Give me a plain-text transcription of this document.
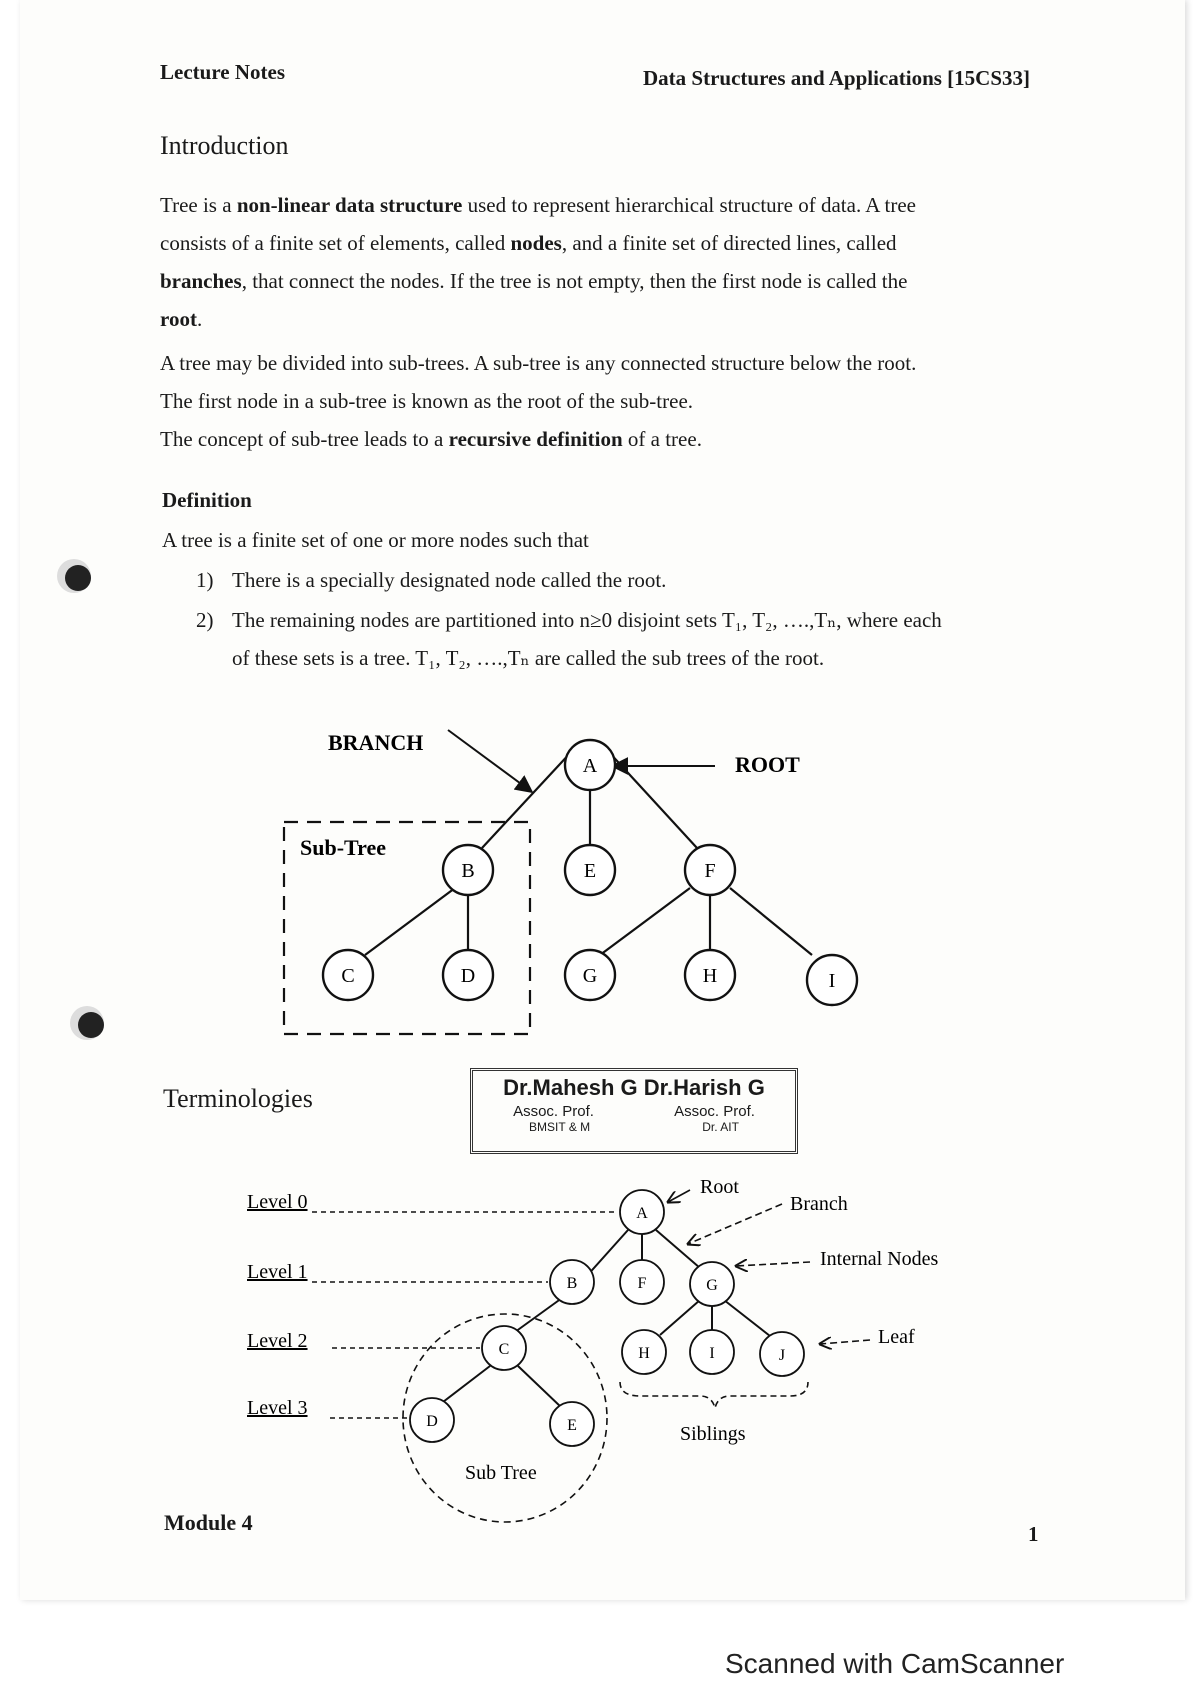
Lecture Notes	Data Structures and Applications [15CS33]
Introduction
Tree is a non-linear data structure used to represent hierarchical structure of data. A tree
consists of a finite set of elements, called nodes, and a finite set of directed lines, called
branches, that connect the nodes. If the tree is not empty, then the first node is called the
root.
A tree may be divided into sub-trees. A sub-tree is any connected structure below the root.
The first node in a sub-tree is known as the root of the sub-tree.
The concept of sub-tree leads to a recursive definition of a tree.
Definition
A tree is a finite set of one or more nodes such that
1) There is a specially designated node called the root.
2) The remaining nodes are partitioned into n≥0 disjoint sets T₁, T₂, ….,Tₙ, where each
of these sets is a tree. T₁, T₂, ….,Tₙ are called the sub trees of the root.
BRANCH
ROOT
Sub-Tree
A
B	E	F
C	D	G	H	I
Terminologies	Dr.Mahesh G Dr.Harish G
Assoc. Prof.	Assoc. Prof.
BMSIT & M	Dr. AIT
Level 0
Level 1
Level 2
Level 3
Root
Branch
Internal Nodes
Leaf
Siblings
Sub Tree
A
B	F	G
C	H	I	J
D	E
Module 4	1
Scanned with CamScanner
